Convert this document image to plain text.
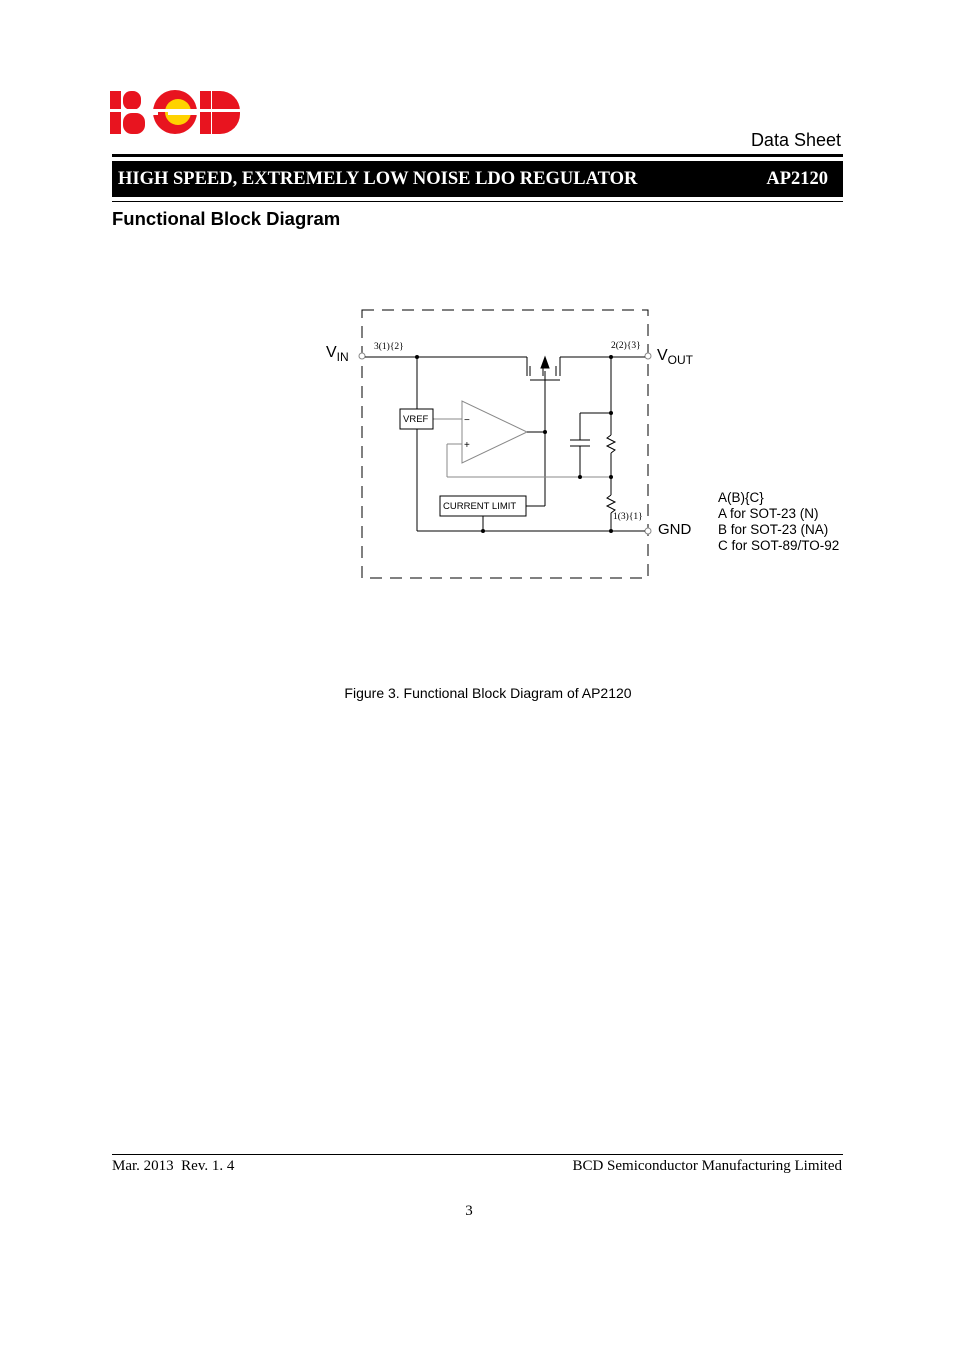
BCD
Data Sheet
HIGH SPEED, EXTREMELY LOW NOISE LDO REGULATOR	AP2120
Functional Block Diagram
$V_{IN}$	$V_{OUT}$
GND
VREF
CURRENT LIMIT
−
+
3(1){2}	2(2){3}
1(3){1}
A(B){C}
A for SOT-23 (N)
B for SOT-23 (NA)
C for SOT-89/TO-92
Figure 3. Functional Block Diagram of AP2120
Mar. 2013  Rev. 1. 4	BCD Semiconductor Manufacturing Limited
3
